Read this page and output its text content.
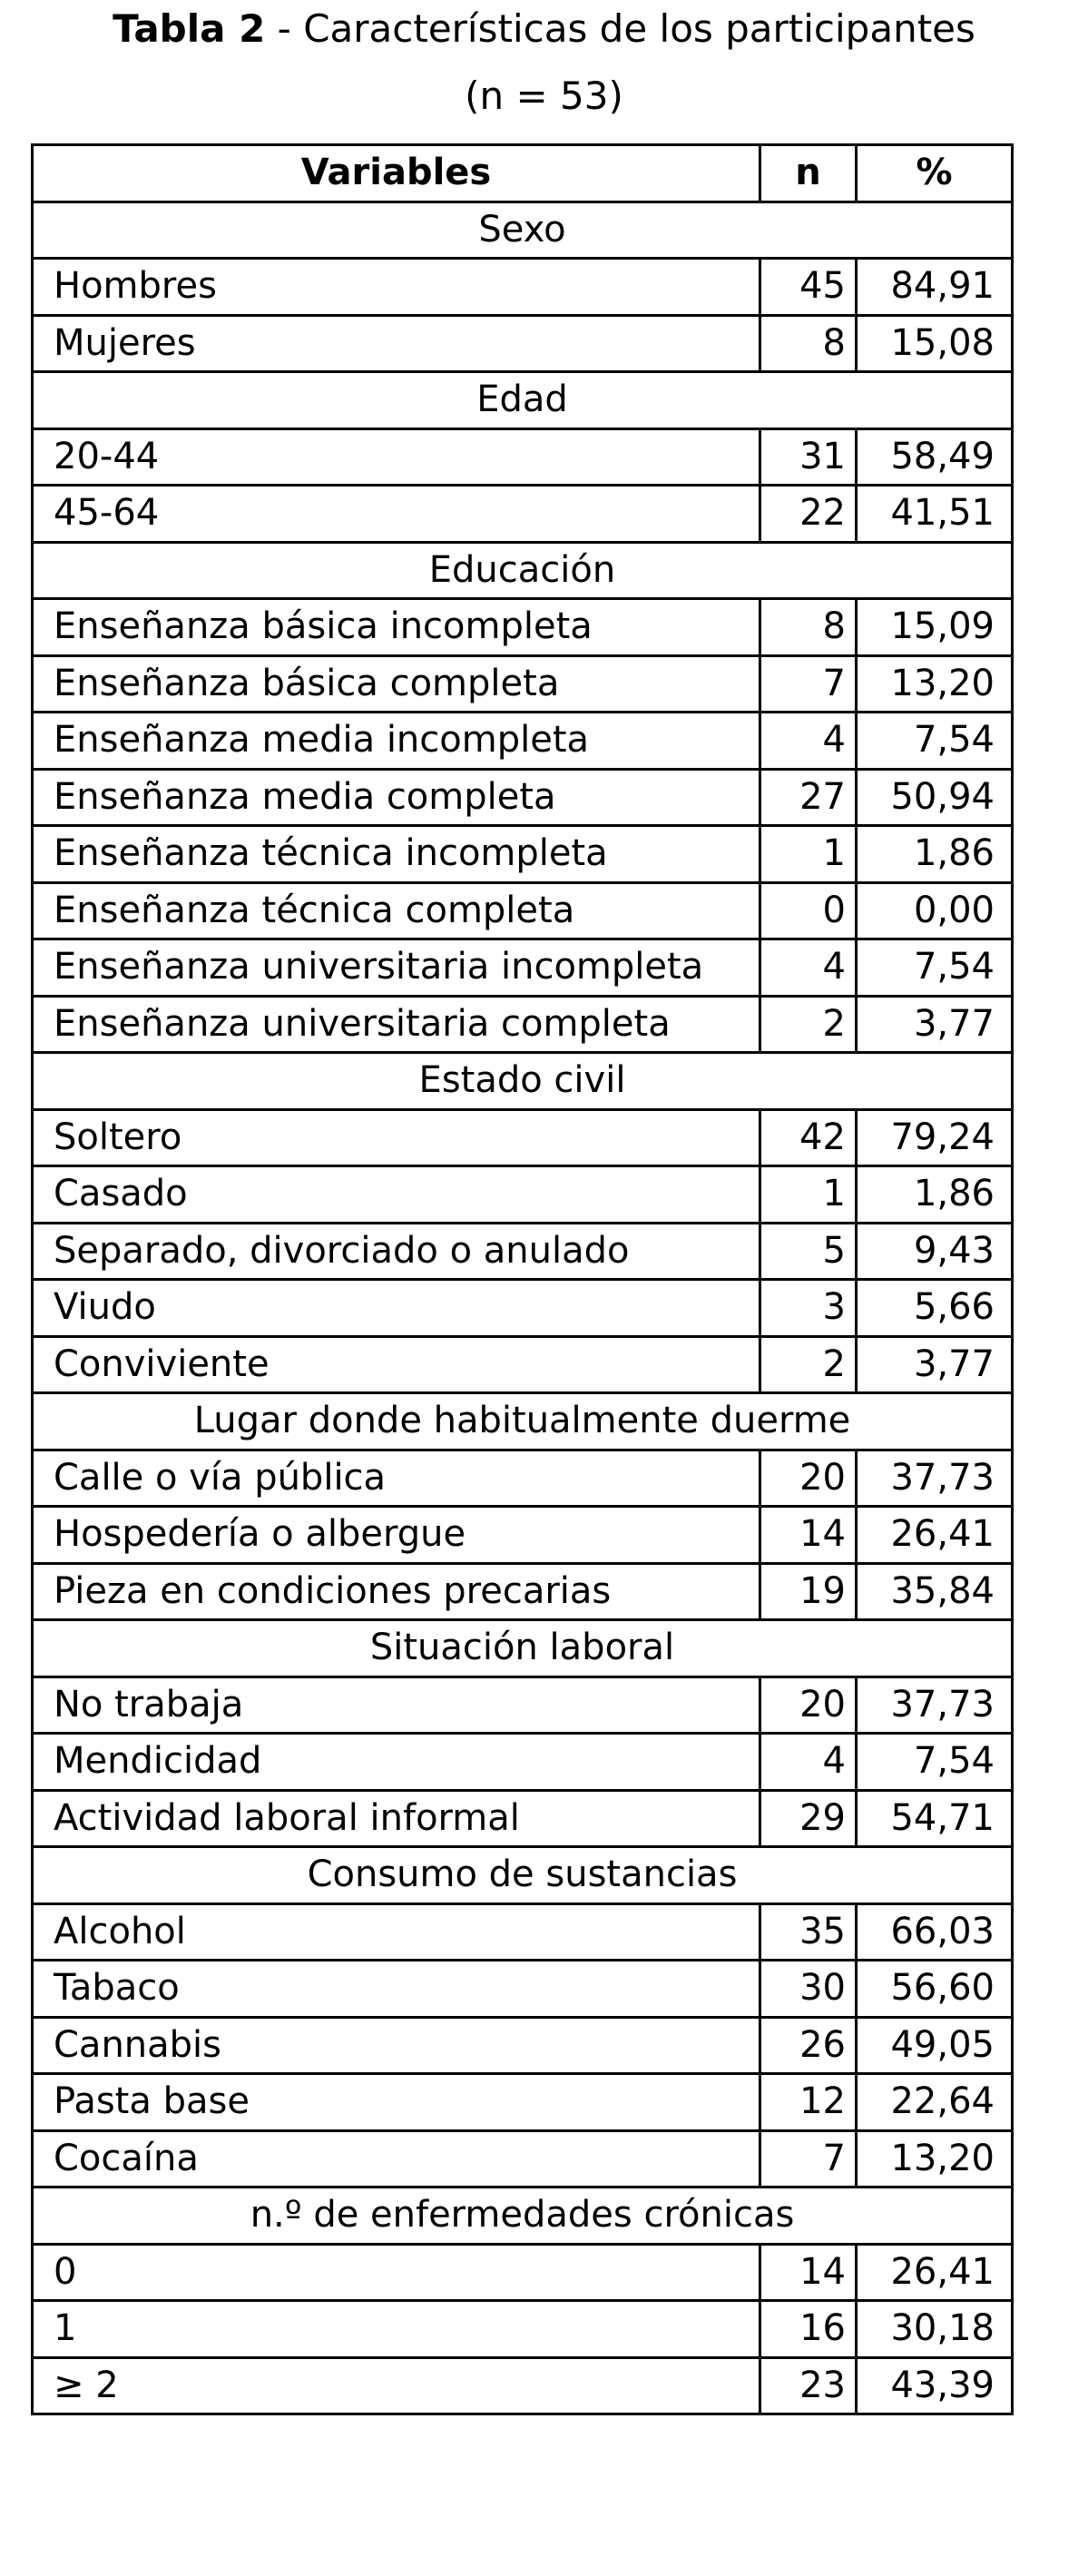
Tabla 2 - Características de los participantes
(n = 53)
Variables	n	%
Sexo		
Hombres	45	84,91
Mujeres	8	15,08
Edad		
20-44	31	58,49
45-64	22	41,51
Educación		
Enseñanza básica incompleta	8	15,09
Enseñanza básica completa	7	13,20
Enseñanza media incompleta	4	7,54
Enseñanza media completa	27	50,94
Enseñanza técnica incompleta	1	1,86
Enseñanza técnica completa	0	0,00
Enseñanza universitaria incompleta	4	7,54
Enseñanza universitaria completa	2	3,77
Estado civil		
Soltero	42	79,24
Casado	1	1,86
Separado, divorciado o anulado	5	9,43
Viudo	3	5,66
Conviviente	2	3,77
Lugar donde habitualmente duerme		
Calle o vía pública	20	37,73
Hospedería o albergue	14	26,41
Pieza en condiciones precarias	19	35,84
Situación laboral		
No trabaja	20	37,73
Mendicidad	4	7,54
Actividad laboral informal	29	54,71
Consumo de sustancias		
Alcohol	35	66,03
Tabaco	30	56,60
Cannabis	26	49,05
Pasta base	12	22,64
Cocaína	7	13,20
n.º de enfermedades crónicas		
0	14	26,41
1	16	30,18
≥ 2	23	43,39
